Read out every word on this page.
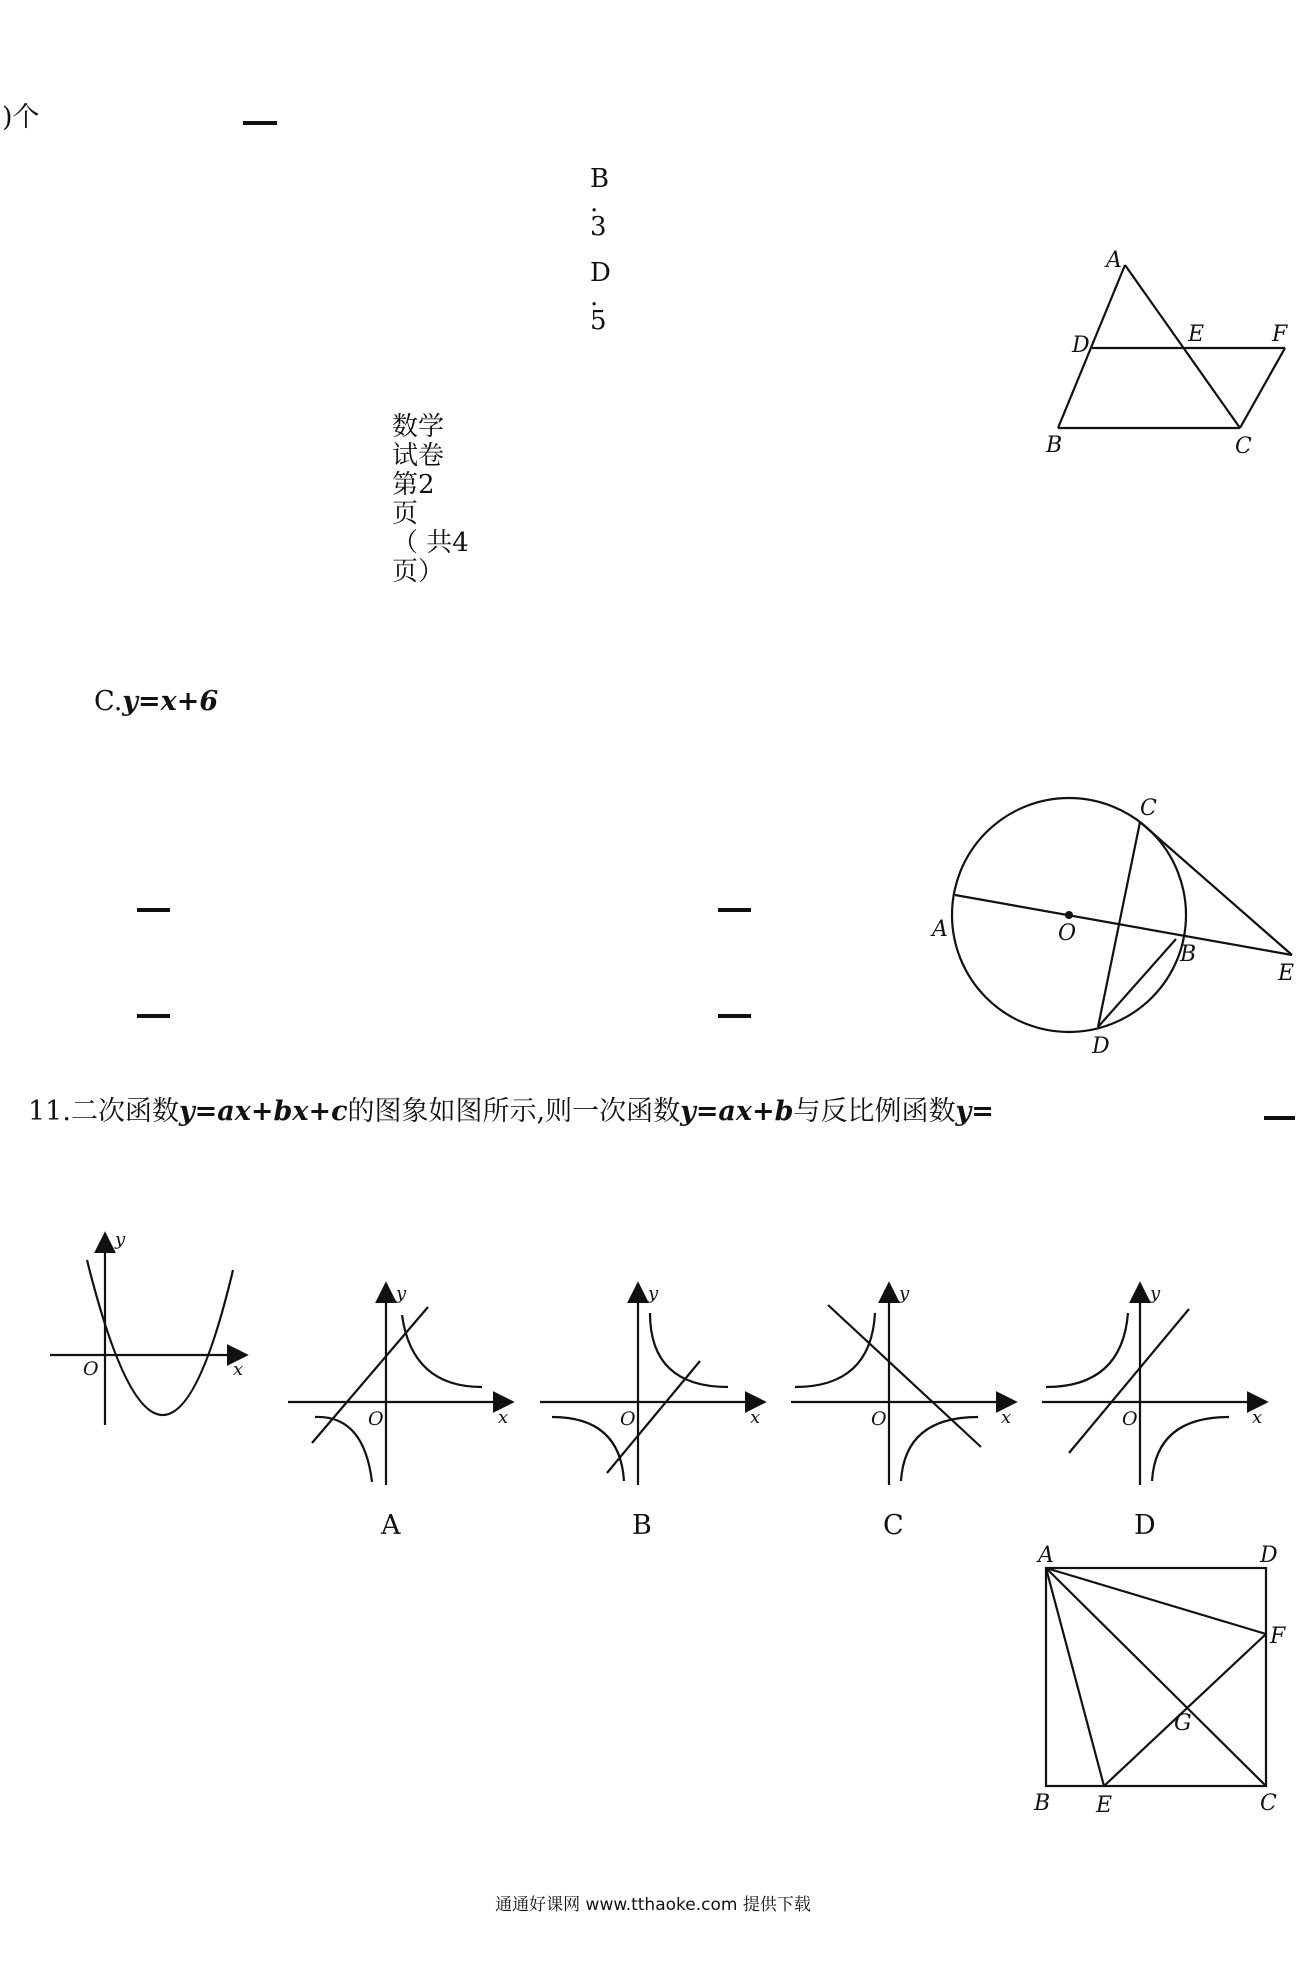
)个
B
.
3
D
.
5
数学
试卷
第2
页
（ 共4
页）
A
D	E	F
B	C
C.y=x+6
C
A	O
B
E
D
11.二次函数y=ax+bx+c的图象如图所示,则一次函数y=ax+b与反比例函数y=
y
x
O
y
x
O
A
y
x
O
B
y
x
O
C
y
x
O
D
A	D
F
G
B E	C
通通好课网 www.tthaoke.com 提供下载
